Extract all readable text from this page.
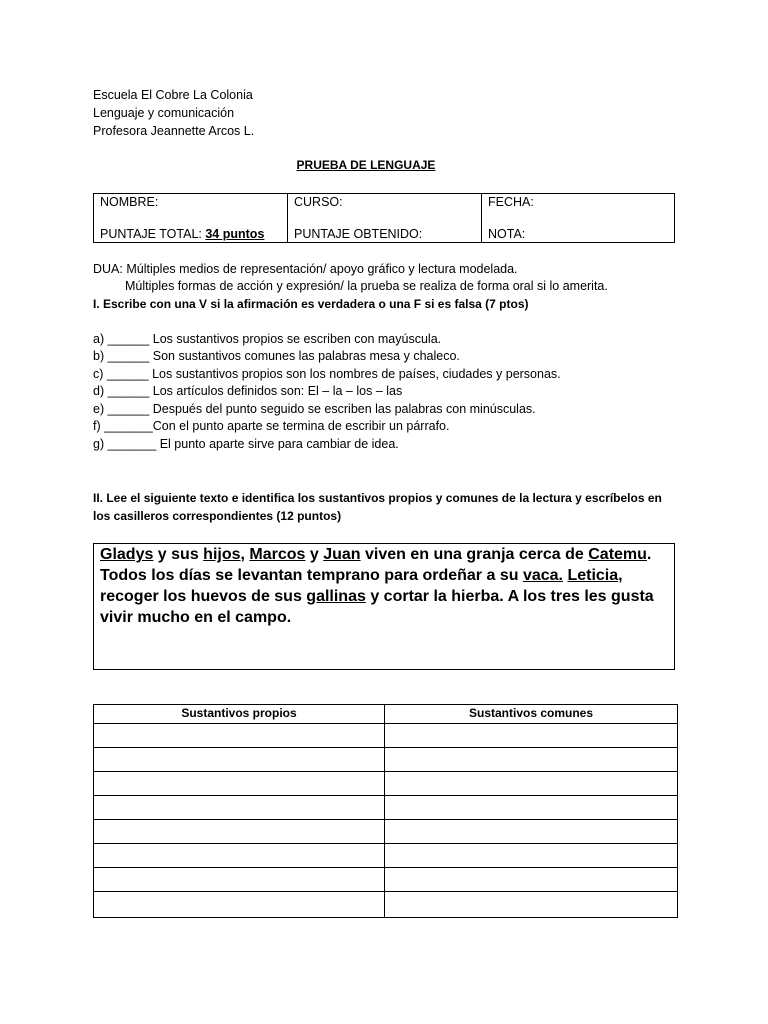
Escuela El Cobre La Colonia
Lenguaje y comunicación
Profesora Jeannette Arcos L.
PRUEBA DE LENGUAJE
NOMBRE:
PUNTAJE TOTAL: 34 puntos
CURSO:
PUNTAJE OBTENIDO:
FECHA:
NOTA:
DUA: Múltiples medios de representación/ apoyo gráfico y lectura modelada.
Múltiples formas de acción y expresión/ la prueba se realiza de forma oral si lo amerita.
I. Escribe con una V si la afirmación es verdadera o una F si es falsa (7 ptos)
a) ______ Los sustantivos propios se escriben con mayúscula.
b) ______ Son sustantivos comunes las palabras mesa y chaleco.
c) ______ Los sustantivos propios son los nombres de países, ciudades y personas.
d) ______ Los artículos definidos son: El – la – los – las
e) ______ Después del punto seguido se escriben las palabras con minúsculas.
f) _______Con el punto aparte se termina de escribir un párrafo.
g) _______ El punto aparte sirve para cambiar de idea.
II. Lee el siguiente texto e identifica los sustantivos propios y comunes de la lectura y escríbelos en
los casilleros correspondientes (12 puntos)
Gladys y sus hijos, Marcos y Juan viven en una granja cerca de Catemu.
Todos los días se levantan temprano para ordeñar a su vaca. Leticia,
recoger los huevos de sus gallinas y cortar la hierba. A los tres les gusta
vivir mucho en el campo.
Sustantivos propios	Sustantivos comunes
